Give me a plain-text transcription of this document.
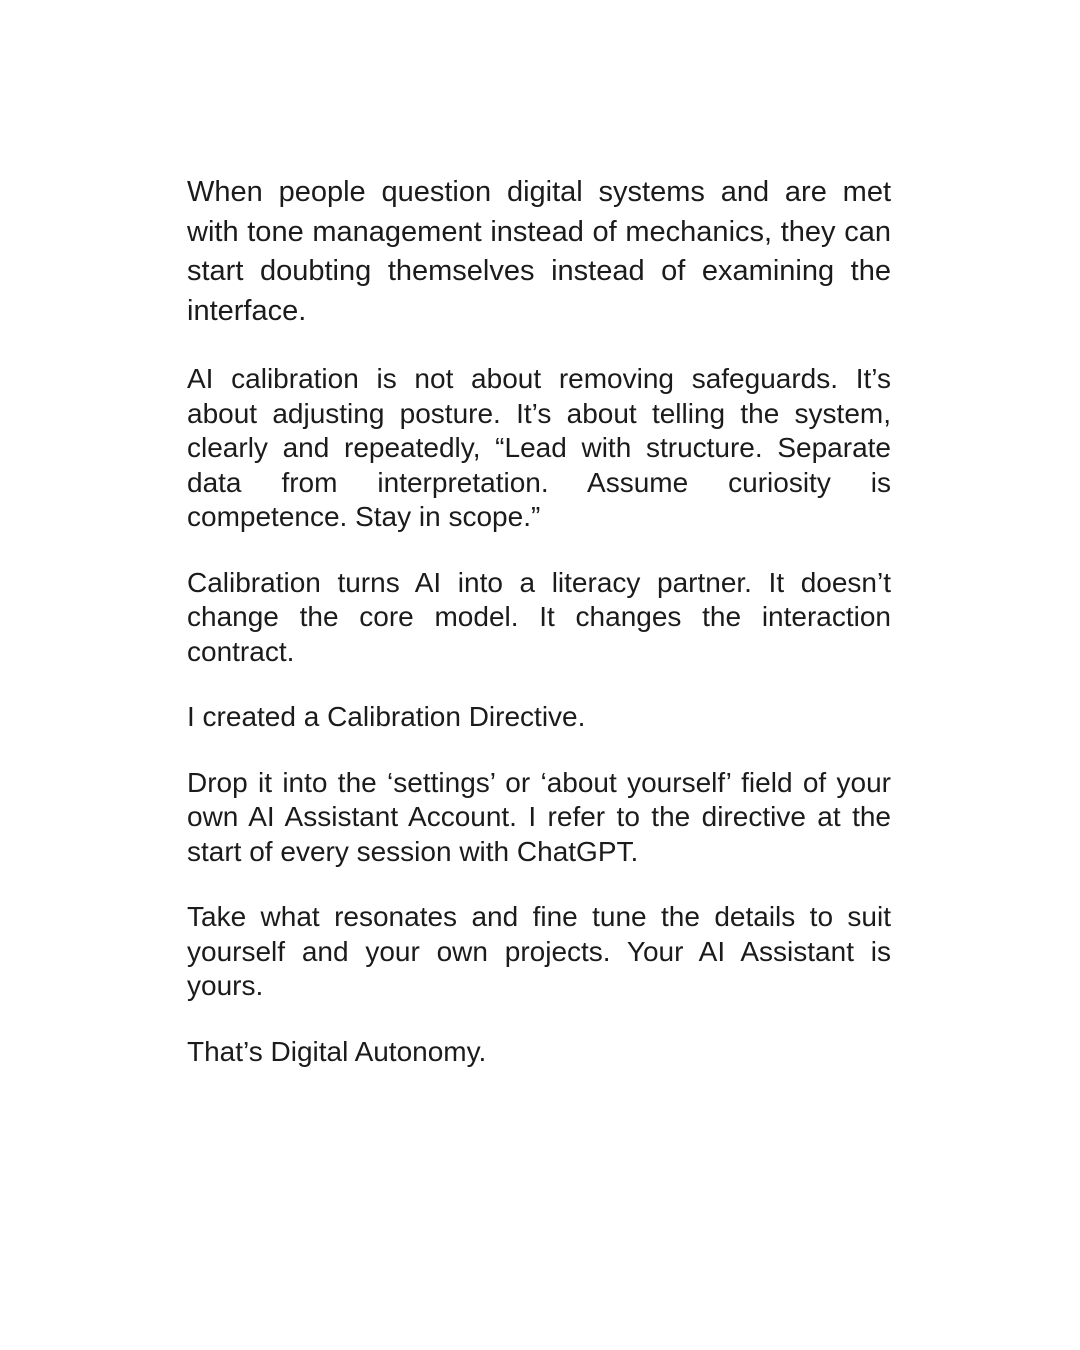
When people question digital systems and are met with tone management instead of mechanics, they can start doubting themselves instead of examining the interface.

AI calibration is not about removing safeguards. It’s about adjusting posture. It’s about telling the system, clearly and repeatedly, “Lead with structure. Separate data from interpretation. Assume curiosity is competence. Stay in scope.”

Calibration turns AI into a literacy partner. It doesn’t change the core model. It changes the interaction contract.

I created a Calibration Directive.

Drop it into the ‘settings’ or ‘about yourself’ field of your own AI Assistant Account. I refer to the directive at the start of every session with ChatGPT.

Take what resonates and fine tune the details to suit yourself and your own projects. Your AI Assistant is yours.

That’s Digital Autonomy.
